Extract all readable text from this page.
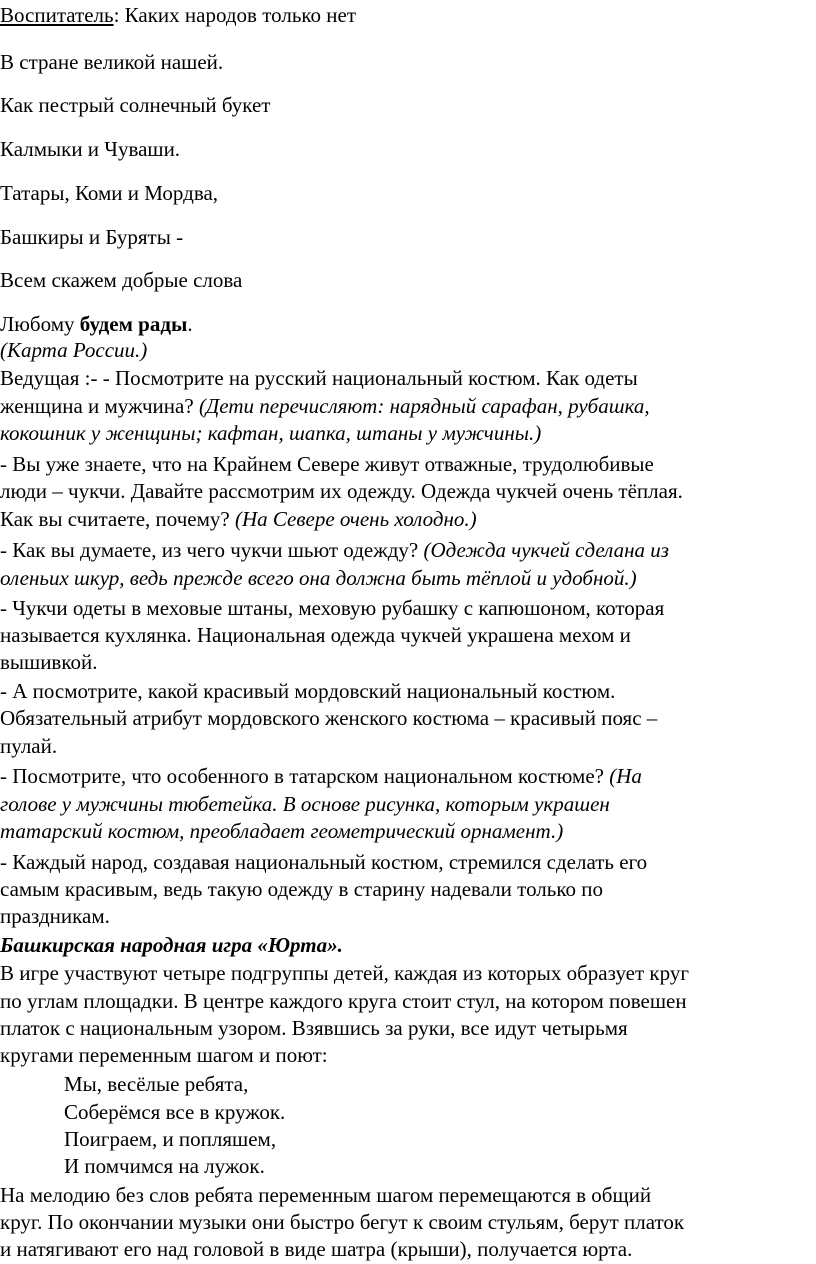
Воспитатель: Каких народов только нет
В стране великой нашей.
Как пестрый солнечный букет
Калмыки и Чуваши.
Татары, Коми и Мордва,
Башкиры и Буряты -
Всем скажем добрые слова
Любому будем рады.
(Карта России.)
Ведущая :- - Посмотрите на русский национальный костюм. Как одеты
женщина и мужчина? (Дети перечисляют: нарядный сарафан, рубашка,
кокошник у женщины; кафтан, шапка, штаны у мужчины.)
- Вы уже знаете, что на Крайнем Севере живут отважные, трудолюбивые
люди – чукчи. Давайте рассмотрим их одежду. Одежда чукчей очень тёплая.
Как вы считаете, почему? (На Севере очень холодно.)
- Как вы думаете, из чего чукчи шьют одежду? (Одежда чукчей сделана из
оленьих шкур, ведь прежде всего она должна быть тёплой и удобной.)
- Чукчи одеты в меховые штаны, меховую рубашку с капюшоном, которая
называется кухлянка. Национальная одежда чукчей украшена мехом и
вышивкой.
- А посмотрите, какой красивый мордовский национальный костюм.
Обязательный атрибут мордовского женского костюма – красивый пояс –
пулай.
- Посмотрите, что особенного в татарском национальном костюме? (На
голове у мужчины тюбетейка. В основе рисунка, которым украшен
татарский костюм, преобладает геометрический орнамент.)
- Каждый народ, создавая национальный костюм, стремился сделать его
самым красивым, ведь такую одежду в старину надевали только по
праздникам.
Башкирская народная игра «Юрта».
В игре участвуют четыре подгруппы детей, каждая из которых образует круг
по углам площадки. В центре каждого круга стоит стул, на котором повешен
платок с национальным узором. Взявшись за руки, все идут четырьмя
кругами переменным шагом и поют:
Мы, весёлые ребята,
Соберёмся все в кружок.
Поиграем, и попляшем,
И помчимся на лужок.
На мелодию без слов ребята переменным шагом перемещаются в общий
круг. По окончании музыки они быстро бегут к своим стульям, берут платок
и натягивают его над головой в виде шатра (крыши), получается юрта.
